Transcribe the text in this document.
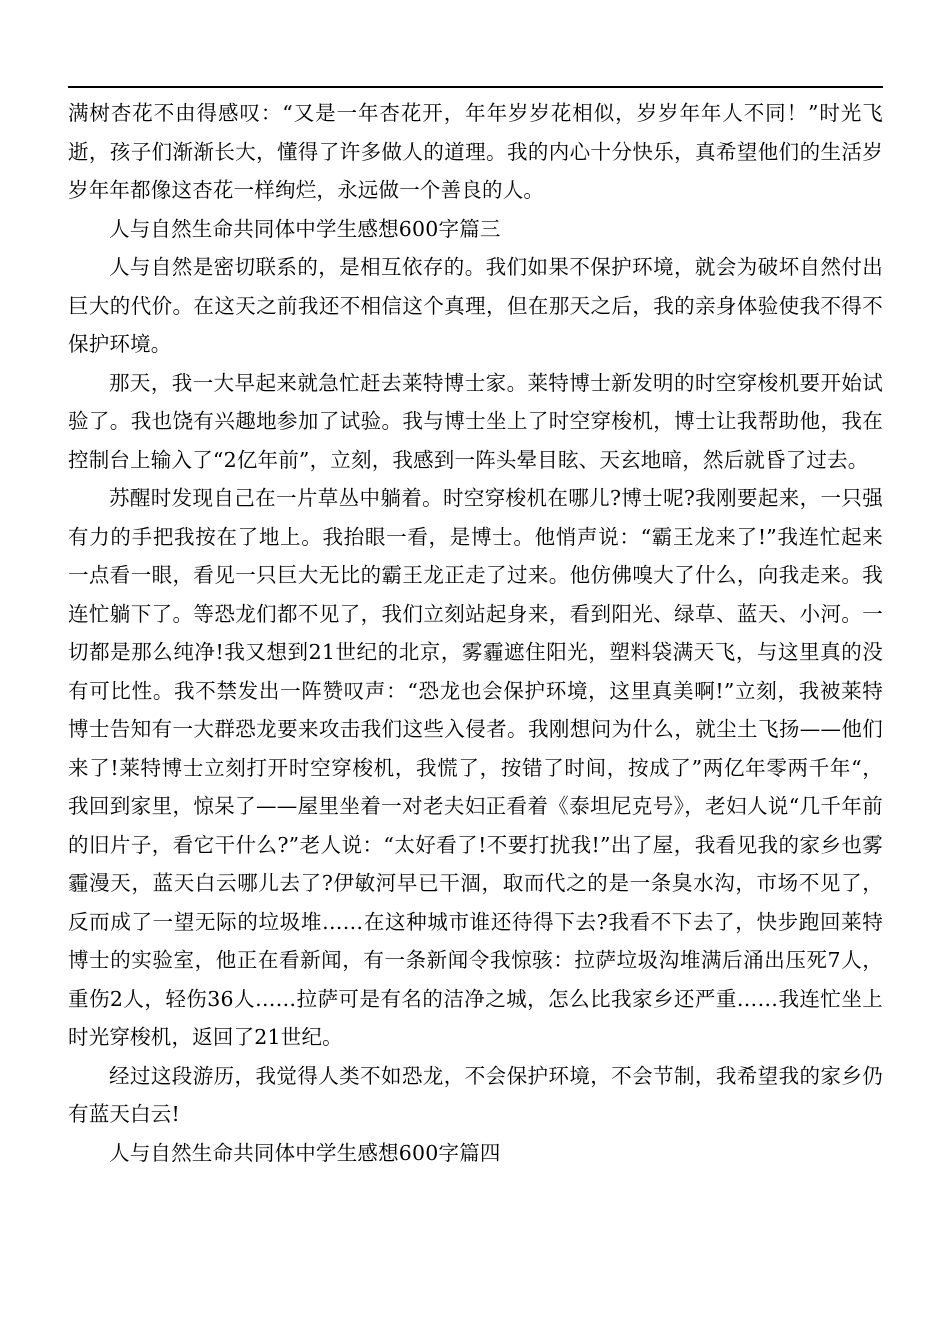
满树杏花不由得感叹：“又是一年杏花开，年年岁岁花相似，岁岁年年人不同！”时光飞逝，孩子们渐渐长大，懂得了许多做人的道理。我的内心十分快乐，真希望他们的生活岁岁年年都像这杏花一样绚烂，永远做一个善良的人。

人与自然生命共同体中学生感想600字篇三

人与自然是密切联系的，是相互依存的。我们如果不保护环境，就会为破坏自然付出巨大的代价。在这天之前我还不相信这个真理，但在那天之后，我的亲身体验使我不得不保护环境。

那天，我一大早起来就急忙赶去莱特博士家。莱特博士新发明的时空穿梭机要开始试验了。我也饶有兴趣地参加了试验。我与博士坐上了时空穿梭机，博士让我帮助他，我在控制台上输入了“2亿年前”，立刻，我感到一阵头晕目眩、天玄地暗，然后就昏了过去。

苏醒时发现自己在一片草丛中躺着。时空穿梭机在哪儿?博士呢?我刚要起来，一只强有力的手把我按在了地上。我抬眼一看，是博士。他悄声说：“霸王龙来了!”我连忙起来一点看一眼，看见一只巨大无比的霸王龙正走了过来。他仿佛嗅大了什么，向我走来。我连忙躺下了。等恐龙们都不见了，我们立刻站起身来，看到阳光、绿草、蓝天、小河。一切都是那么纯净!我又想到21世纪的北京，雾霾遮住阳光，塑料袋满天飞，与这里真的没有可比性。我不禁发出一阵赞叹声：“恐龙也会保护环境，这里真美啊!”立刻，我被莱特博士告知有一大群恐龙要来攻击我们这些入侵者。我刚想问为什么，就尘土飞扬——他们来了!莱特博士立刻打开时空穿梭机，我慌了，按错了时间，按成了”两亿年零两千年“，我回到家里，惊呆了——屋里坐着一对老夫妇正看着《泰坦尼克号》，老妇人说“几千年前的旧片子，看它干什么?”老人说：“太好看了!不要打扰我!”出了屋，我看见我的家乡也雾霾漫天，蓝天白云哪儿去了?伊敏河早已干涸，取而代之的是一条臭水沟，市场不见了，反而成了一望无际的垃圾堆……在这种城市谁还待得下去?我看不下去了，快步跑回莱特博士的实验室，他正在看新闻，有一条新闻令我惊骇：拉萨垃圾沟堆满后涌出压死7人，重伤2人，轻伤36人……拉萨可是有名的洁净之城，怎么比我家乡还严重……我连忙坐上时光穿梭机，返回了21世纪。

经过这段游历，我觉得人类不如恐龙，不会保护环境，不会节制，我希望我的家乡仍有蓝天白云!

人与自然生命共同体中学生感想600字篇四
